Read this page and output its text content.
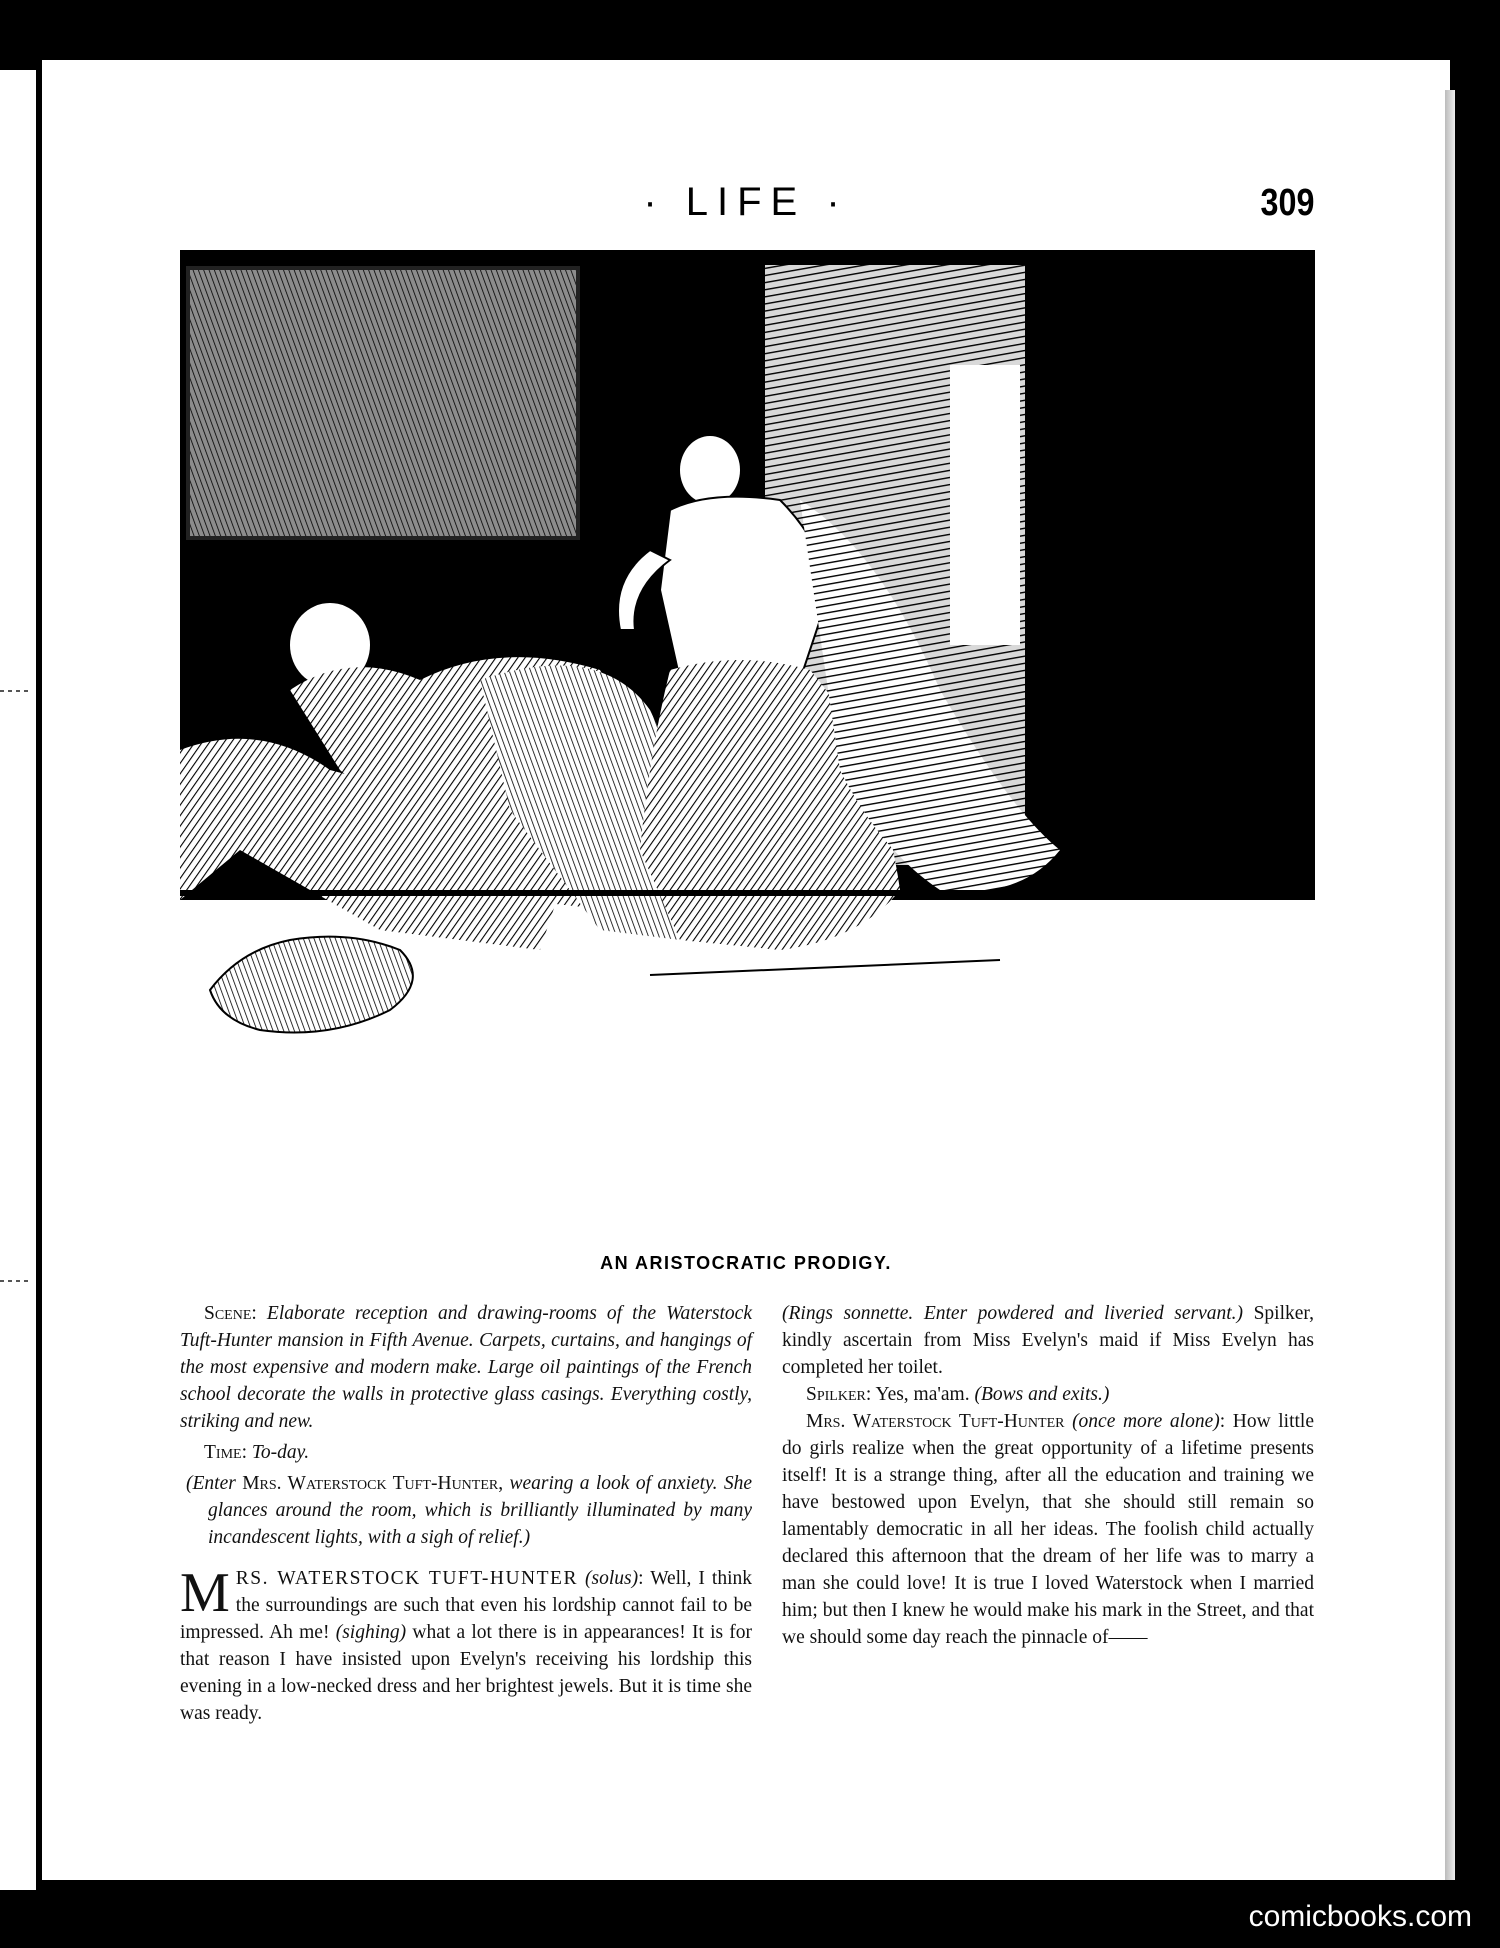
· LIFE ·	309
AN ARISTOCRATIC PRODIGY.

Scene: Elaborate reception and drawing-rooms of the Waterstock Tuft-Hunter mansion in Fifth Avenue. Carpets, curtains, and hangings of the most expensive and modern make. Large oil paintings of the French school decorate the walls in protective glass casings. Everything costly, striking and new.

Time: To-day.

(Enter Mrs. Waterstock Tuft-Hunter, wearing a look of anxiety. She glances around the room, which is brilliantly illuminated by many incandescent lights, with a sigh of relief.)

MRS. WATERSTOCK TUFT-HUNTER (solus): Well, I think the surroundings are such that even his lordship cannot fail to be impressed. Ah me! (sighing) what a lot there is in appearances! It is for that reason I have insisted upon Evelyn's receiving his lordship this evening in a low-necked dress and her brightest jewels. But it is time she was ready.

(Rings sonnette. Enter powdered and liveried servant.) Spilker, kindly ascertain from Miss Evelyn's maid if Miss Evelyn has completed her toilet.

Spilker: Yes, ma'am. (Bows and exits.)

Mrs. Waterstock Tuft-Hunter (once more alone): How little do girls realize when the great opportunity of a lifetime presents itself! It is a strange thing, after all the education and training we have bestowed upon Evelyn, that she should still remain so lamentably democratic in all her ideas. The foolish child actually declared this afternoon that the dream of her life was to marry a man she could love! It is true I loved Waterstock when I married him; but then I knew he would make his mark in the Street, and that we should some day reach the pinnacle of——

comicbooks.com
